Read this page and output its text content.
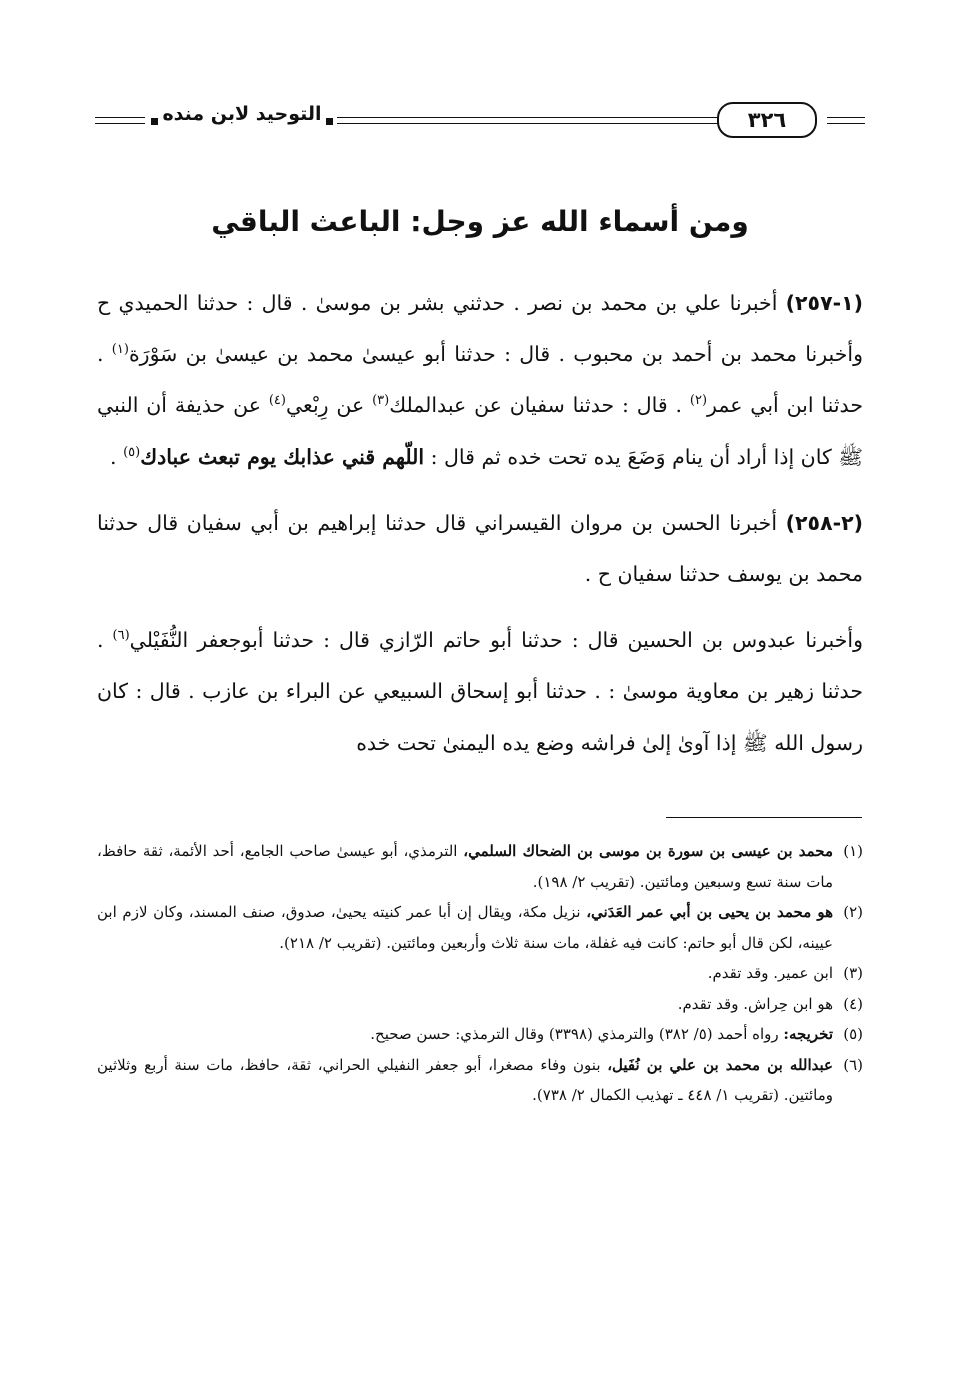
التوحيد لابن منده	٣٢٦
ومن أسماء الله عز وجل: الباعث الباقي

(١-٢٥٧) أخبرنا علي بن محمد بن نصر . حدثني بشر بن موسىٰ . قال : حدثنا الحميدي ح وأخبرنا محمد بن أحمد بن محبوب . قال : حدثنا أبو عيسىٰ محمد بن عيسىٰ بن سَوْرَة$^{(١)}$ . حدثنا ابن أبي عمر$^{(٢)}$ . قال : حدثنا سفيان عن عبدالملك$^{(٣)}$ عن رِبْعي$^{(٤)}$ عن حذيفة أن النبي ﷺ كان إذا أراد أن ينام وَضَعَ يده تحت خده ثم قال : اللّهم قني عذابك يوم تبعث عبادك$^{(٥)}$ .

(٢-٢٥٨) أخبرنا الحسن بن مروان القيسراني قال حدثنا إبراهيم بن أبي سفيان قال حدثنا محمد بن يوسف حدثنا سفيان ح .

وأخبرنا عبدوس بن الحسين قال : حدثنا أبو حاتم الرّازي قال : حدثنا أبوجعفر النُّفَيْلي$^{(٦)}$ . حدثنا زهير بن معاوية موسىٰ : . حدثنا أبو إسحاق السبيعي عن البراء بن عازب . قال : كان رسول الله ﷺ إذا آوىٰ إلىٰ فراشه وضع يده اليمنىٰ تحت خده

(١)محمد بن عيسى بن سورة بن موسى بن الضحاك السلمي، الترمذي، أبو عيسىٰ صاحب الجامع، أحد الأئمة، ثقة حافظ، مات سنة تسع وسبعين ومائتين. (تقريب ٢/ ١٩٨).

(٢)هو محمد بن يحيى بن أبي عمر العَدَني، نزيل مكة، ويقال إن أبا عمر كنيته يحيىٰ، صدوق، صنف المسند، وكان لازم ابن عيينه، لكن قال أبو حاتم: كانت فيه غفلة، مات سنة ثلاث وأربعين ومائتين. (تقريب ٢/ ٢١٨).

(٣)ابن عمير. وقد تقدم.

(٤)هو ابن حِراش. وقد تقدم.

(٥)تخريجه: رواه أحمد (٥/ ٣٨٢) والترمذي (٣٣٩٨) وقال الترمذي: حسن صحيح.

(٦)عبدالله بن محمد بن علي بن نُفَيل، بنون وفاء مصغرا، أبو جعفر النفيلي الحراني، ثقة، حافظ، مات سنة أربع وثلاثين ومائتين. (تقريب ١/ ٤٤٨ ـ تهذيب الكمال ٢/ ٧٣٨).
